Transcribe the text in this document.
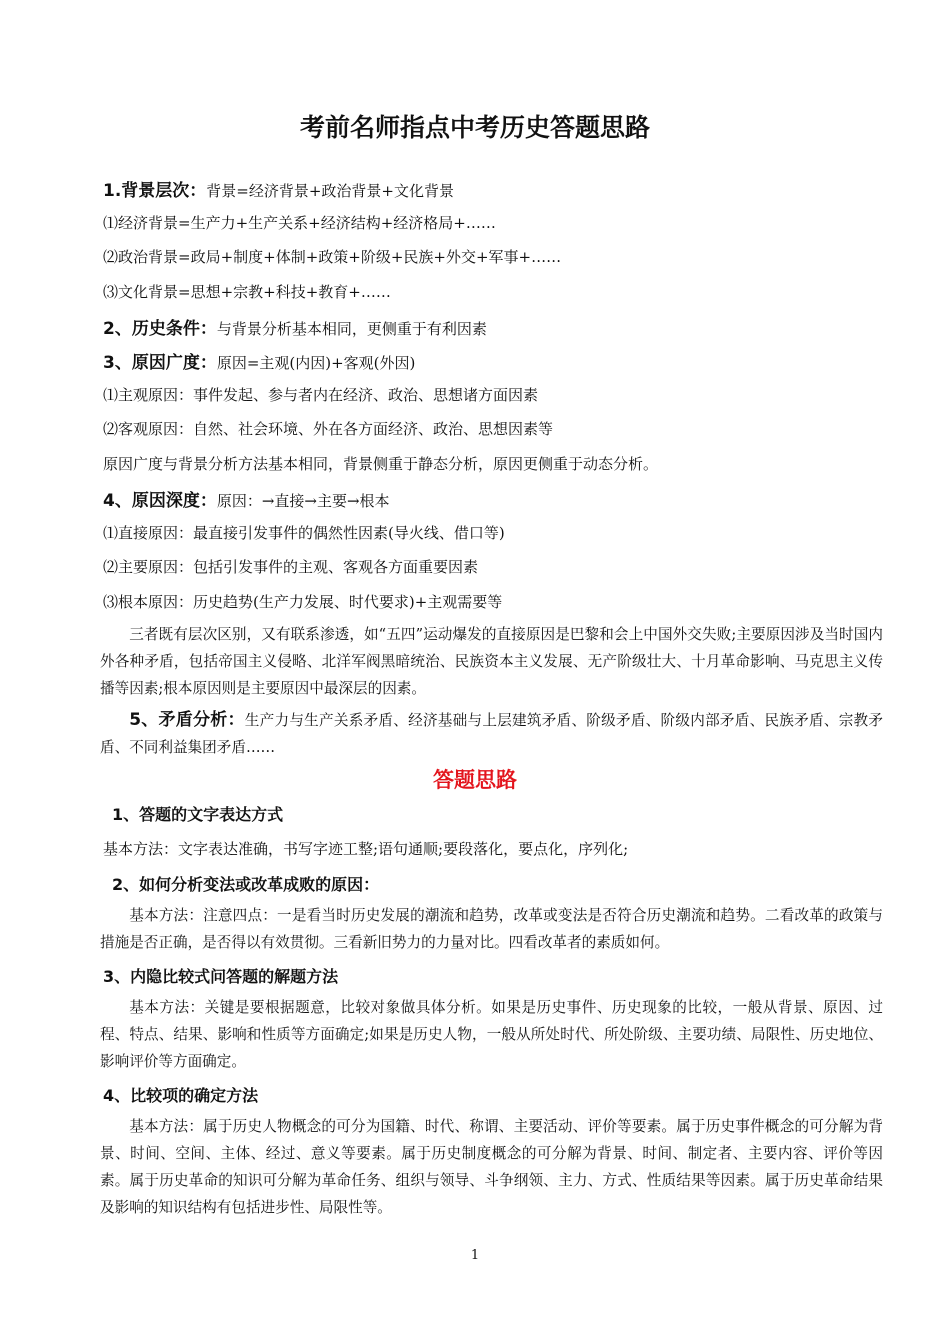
考前名师指点中考历史答题思路
1.背景层次：背景=经济背景+政治背景+文化背景
⑴经济背景=生产力+生产关系+经济结构+经济格局+……
⑵政治背景=政局+制度+体制+政策+阶级+民族+外交+军事+……
⑶文化背景=思想+宗教+科技+教育+……
2、历史条件：与背景分析基本相同，更侧重于有利因素
3、原因广度：原因=主观(内因)+客观(外因)
⑴主观原因：事件发起、参与者内在经济、政治、思想诸方面因素
⑵客观原因：自然、社会环境、外在各方面经济、政治、思想因素等
原因广度与背景分析方法基本相同，背景侧重于静态分析，原因更侧重于动态分析。
4、原因深度：原因：→直接→主要→根本
⑴直接原因：最直接引发事件的偶然性因素(导火线、借口等)
⑵主要原因：包括引发事件的主观、客观各方面重要因素
⑶根本原因：历史趋势(生产力发展、时代要求)+主观需要等
三者既有层次区别，又有联系渗透，如“五四”运动爆发的直接原因是巴黎和会上中国外交失败;主要原因涉及当时国内外各种矛盾，包括帝国主义侵略、北洋军阀黑暗统治、民族资本主义发展、无产阶级壮大、十月革命影响、马克思主义传播等因素;根本原因则是主要原因中最深层的因素。
5、矛盾分析：生产力与生产关系矛盾、经济基础与上层建筑矛盾、阶级矛盾、阶级内部矛盾、民族矛盾、宗教矛盾、不同利益集团矛盾……
答题思路
1、答题的文字表达方式
基本方法：文字表达准确，书写字迹工整;语句通顺;要段落化，要点化，序列化;
2、如何分析变法或改革成败的原因：
基本方法：注意四点：一是看当时历史发展的潮流和趋势，改革或变法是否符合历史潮流和趋势。二看改革的政策与措施是否正确，是否得以有效贯彻。三看新旧势力的力量对比。四看改革者的素质如何。
3、内隐比较式问答题的解题方法
基本方法：关键是要根据题意，比较对象做具体分析。如果是历史事件、历史现象的比较，一般从背景、原因、过程、特点、结果、影响和性质等方面确定;如果是历史人物，一般从所处时代、所处阶级、主要功绩、局限性、历史地位、影响评价等方面确定。
4、比较项的确定方法
基本方法：属于历史人物概念的可分为国籍、时代、称谓、主要活动、评价等要素。属于历史事件概念的可分解为背景、时间、空间、主体、经过、意义等要素。属于历史制度概念的可分解为背景、时间、制定者、主要内容、评价等因素。属于历史革命的知识可分解为革命任务、组织与领导、斗争纲领、主力、方式、性质结果等因素。属于历史革命结果及影响的知识结构有包括进步性、局限性等。
1
